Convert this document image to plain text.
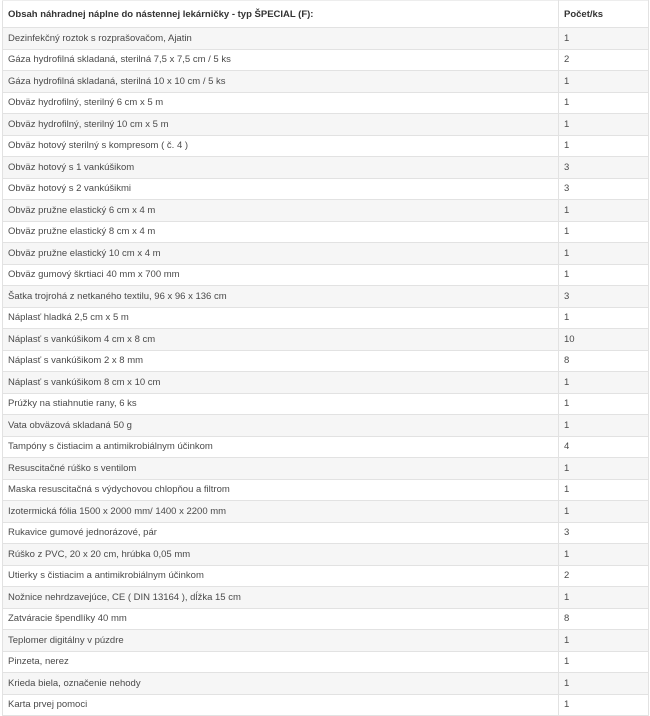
Obsah náhradnej náplne do nástennej lekárničky - typ ŠPECIAL (F):	Počet/ks
Dezinfekčný roztok s rozprašovačom, Ajatin	1
Gáza hydrofilná skladaná, sterilná 7,5 x 7,5 cm / 5 ks	2
Gáza hydrofilná skladaná, sterilná 10 x 10 cm / 5 ks	1
Obväz hydrofilný, sterilný 6 cm x 5 m	1
Obväz hydrofilný, sterilný 10 cm x 5 m	1
Obväz hotový sterilný s kompresom ( č. 4 )	1
Obväz hotový s 1 vankúšikom	3
Obväz hotový s 2 vankúšikmi	3
Obväz pružne elastický 6 cm x 4 m	1
Obväz pružne elastický 8 cm x 4 m	1
Obväz pružne elastický 10 cm x 4 m	1
Obväz gumový škrtiaci 40 mm x 700 mm	1
Šatka trojrohá z netkaného textilu, 96 x 96 x 136 cm	3
Náplasť hladká 2,5 cm x 5 m	1
Náplasť s vankúšikom 4 cm x 8 cm	10
Náplasť s vankúšikom 2 x 8 mm	8
Náplasť s vankúšikom 8 cm x 10 cm	1
Prúžky na stiahnutie rany, 6 ks	1
Vata obväzová skladaná 50 g	1
Tampóny s čistiacim a antimikrobiálnym účinkom	4
Resuscitačné rúško s ventilom	1
Maska resuscitačná s výdychovou chlopňou a filtrom	1
Izotermická fólia 1500 x 2000 mm/ 1400 x 2200 mm	1
Rukavice gumové jednorázové, pár	3
Rúško z PVC, 20 x 20 cm, hrúbka 0,05 mm	1
Utierky s čistiacim a antimikrobiálnym účinkom	2
Nožnice nehrdzavejúce, CE ( DIN 13164 ), dĺžka 15 cm	1
Zatváracie špendlíky 40 mm	8
Teplomer digitálny v púzdre	1
Pinzeta, nerez	1
Krieda biela, označenie nehody	1
Karta prvej pomoci	1
